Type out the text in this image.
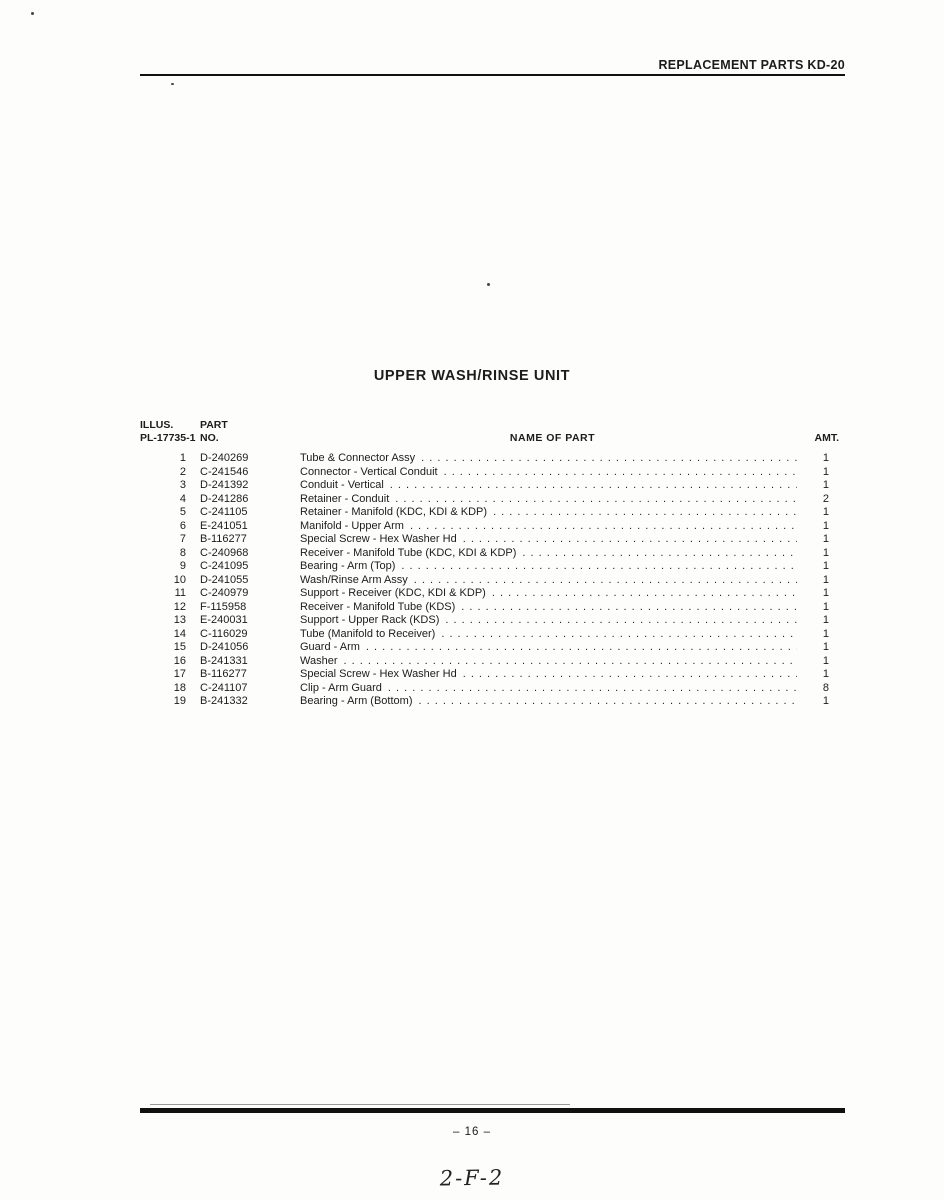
REPLACEMENT PARTS KD-20
UPPER WASH/RINSE UNIT
ILLUS.
PL-17735-1
PART
NO.	NAME OF PART	AMT.
1	D-240269	Tube & Connector Assy . . .	1
2	C-241546	Connector - Vertical Conduit . . .	1
3	D-241392	Conduit - Vertical . . .	1
4	D-241286	Retainer - Conduit . . .	2
5	C-241105	Retainer - Manifold (KDC, KDI & KDP) . . .	1
6	E-241051	Manifold - Upper Arm . . .	1
7	B-116277	Special Screw - Hex Washer Hd . . .	1
8	C-240968	Receiver - Manifold Tube (KDC, KDI & KDP) . . .	1
9	C-241095	Bearing - Arm (Top) . . .	1
10	D-241055	Wash/Rinse Arm Assy . . .	1
11	C-240979	Support - Receiver (KDC, KDI & KDP) . . .	1
12	F-115958	Receiver - Manifold Tube (KDS) . . .	1
13	E-240031	Support - Upper Rack (KDS) . . .	1
14	C-116029	Tube (Manifold to Receiver) . . .	1
15	D-241056	Guard - Arm . . .	1
16	B-241331	Washer . . .	1
17	B-116277	Special Screw - Hex Washer Hd . . .	1
18	C-241107	Clip - Arm Guard . . .	8
19	B-241332	Bearing - Arm (Bottom) . . .	1
– 16 –
2-F-2
